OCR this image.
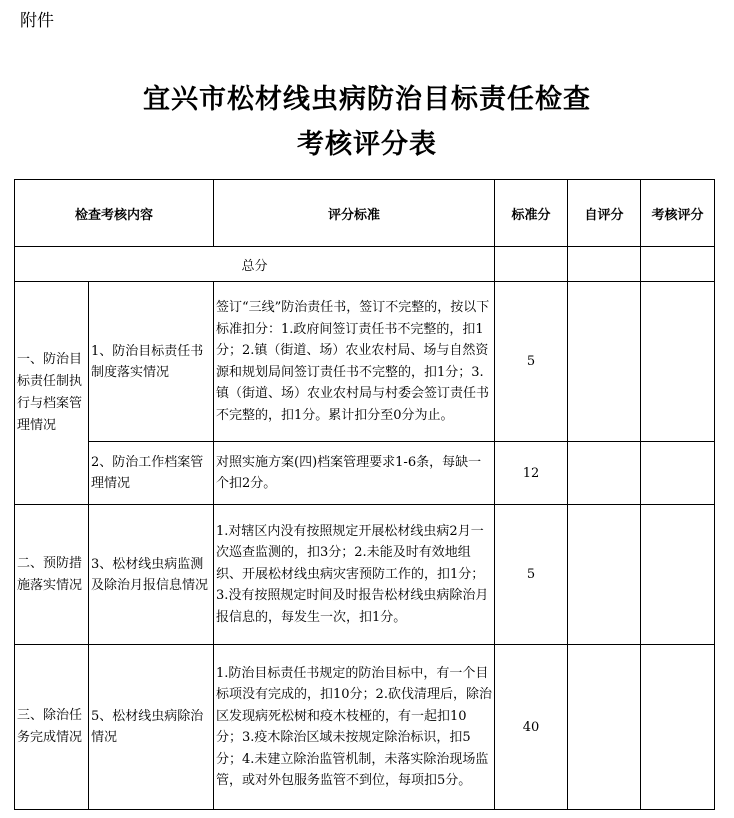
附件
宜兴市松材线虫病防治目标责任检查
考核评分表
检查考核内容		评分标准	标准分	自评分	考核评分
总分					
一、防治目标责任制执行与档案管理情况	1、防治目标责任书制度落实情况	签订“三线”防治责任书，签订不完整的，按以下标准扣分：1.政府间签订责任书不完整的，扣1分；2.镇（街道、场）农业农村局、场与自然资源和规划局间签订责任书不完整的，扣1分；3.镇（街道、场）农业农村局与村委会签订责任书不完整的，扣1分。累计扣分至0分为止。	5		
	2、防治工作档案管理情况	对照实施方案(四)档案管理要求1-6条，每缺一个扣2分。	12		
二、预防措施落实情况	3、松材线虫病监测及除治月报信息情况	1.对辖区内没有按照规定开展松材线虫病2月一次巡查监测的，扣3分；2.未能及时有效地组织、开展松材线虫病灾害预防工作的，扣1分；3.没有按照规定时间及时报告松材线虫病除治月报信息的，每发生一次，扣1分。	5		
三、除治任务完成情况	5、松材线虫病除治情况	1.防治目标责任书规定的防治目标中，有一个目标项没有完成的，扣10分；2.砍伐清理后，除治区发现病死松树和疫木枝桠的，有一起扣10分；3.疫木除治区域未按规定除治标识，扣5分；4.未建立除治监管机制，未落实除治现场监管，或对外包服务监管不到位，每项扣5分。	40		
